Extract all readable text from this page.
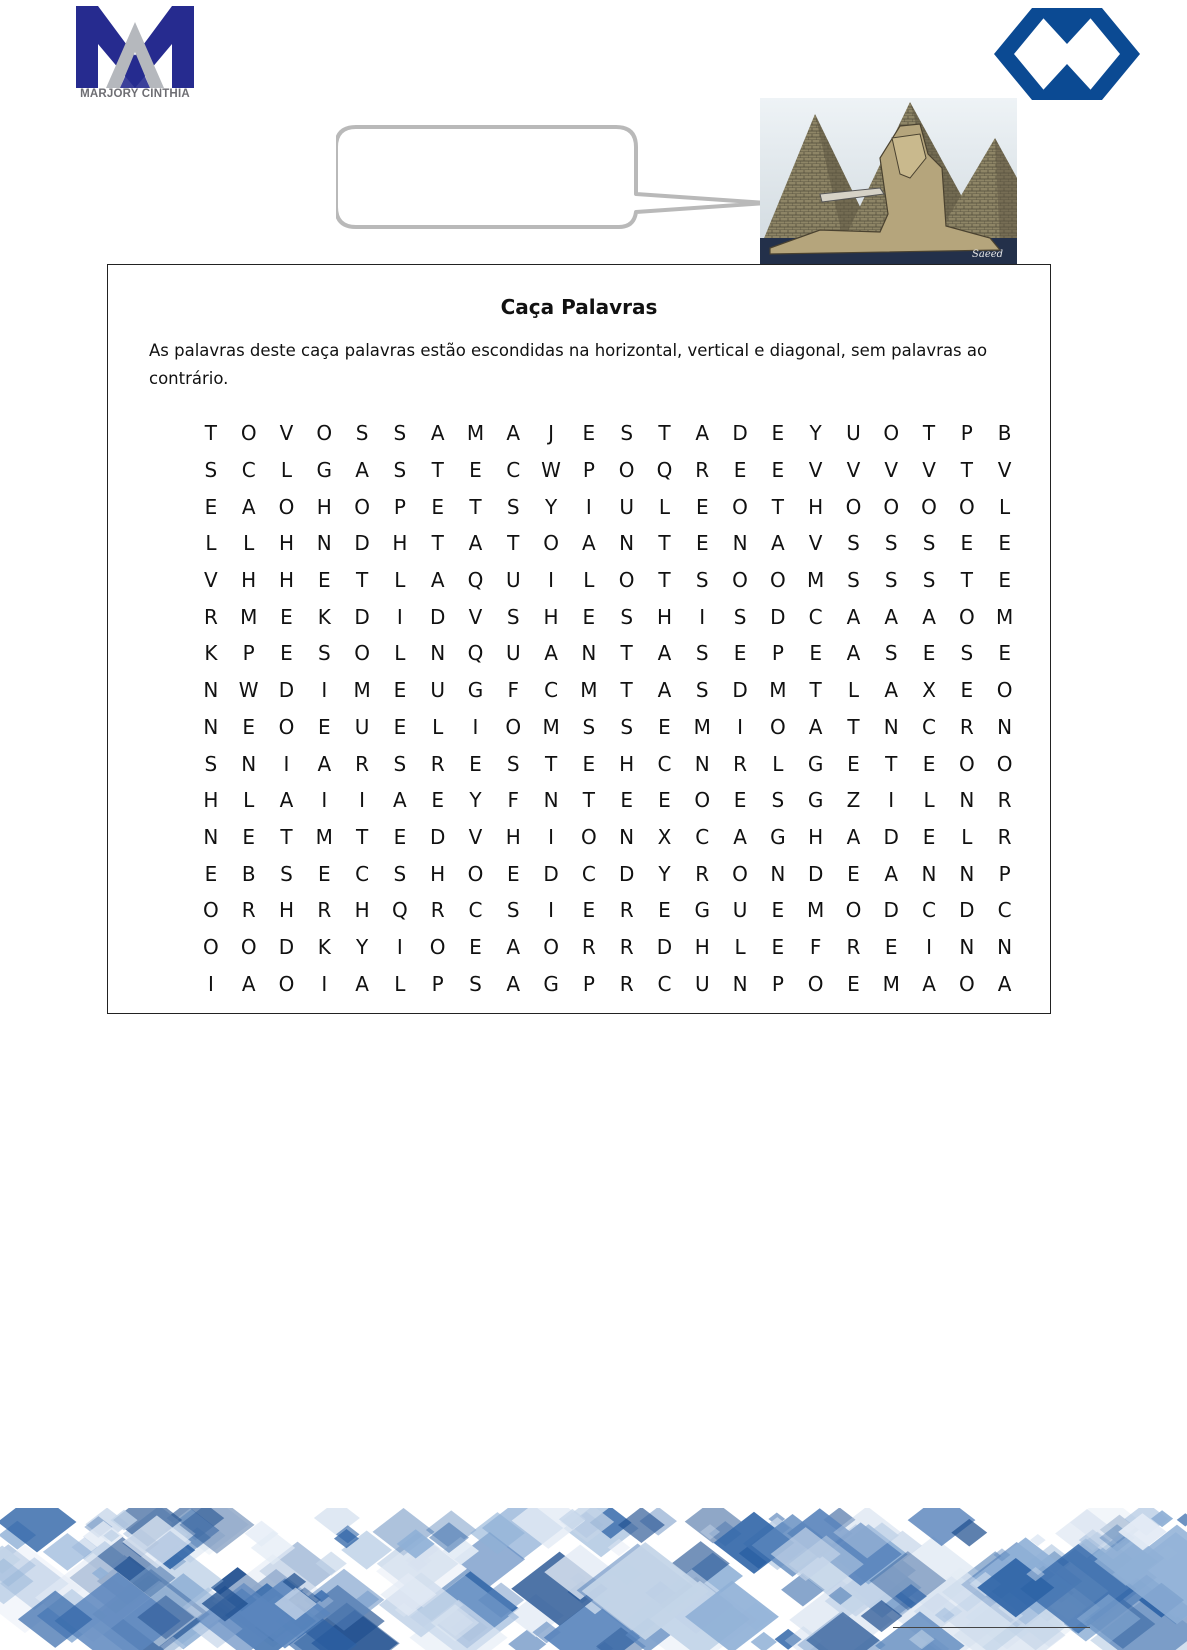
MARJORY CINTHIA
Saeed
Caça Palavras
As palavras deste caça palavras estão escondidas na horizontal, vertical e diagonal, sem palavras ao contrário.
T	O	V	O	S	S	A	M	A	J	E	S	T	A	D	E	Y	U	O	T	P	B
S	C	L	G	A	S	T	E	C	W	P	O	Q	R	E	E	V	V	V	V	T	V
E	A	O	H	O	P	E	T	S	Y	I	U	L	E	O	T	H	O	O	O	O	L
L	L	H	N	D	H	T	A	T	O	A	N	T	E	N	A	V	S	S	S	E	E
V	H	H	E	T	L	A	Q	U	I	L	O	T	S	O	O	M	S	S	S	T	E
R	M	E	K	D	I	D	V	S	H	E	S	H	I	S	D	C	A	A	A	O	M
K	P	E	S	O	L	N	Q	U	A	N	T	A	S	E	P	E	A	S	E	S	E
N	W	D	I	M	E	U	G	F	C	M	T	A	S	D	M	T	L	A	X	E	O
N	E	O	E	U	E	L	I	O	M	S	S	E	M	I	O	A	T	N	C	R	N
S	N	I	A	R	S	R	E	S	T	E	H	C	N	R	L	G	E	T	E	O	O
H	L	A	I	I	A	E	Y	F	N	T	E	E	O	E	S	G	Z	I	L	N	R
N	E	T	M	T	E	D	V	H	I	O	N	X	C	A	G	H	A	D	E	L	R
E	B	S	E	C	S	H	O	E	D	C	D	Y	R	O	N	D	E	A	N	N	P
O	R	H	R	H	Q	R	C	S	I	E	R	E	G	U	E	M	O	D	C	D	C
O	O	D	K	Y	I	O	E	A	O	R	R	D	H	L	E	F	R	E	I	N	N
I	A	O	I	A	L	P	S	A	G	P	R	C	U	N	P	O	E	M	A	O	A
